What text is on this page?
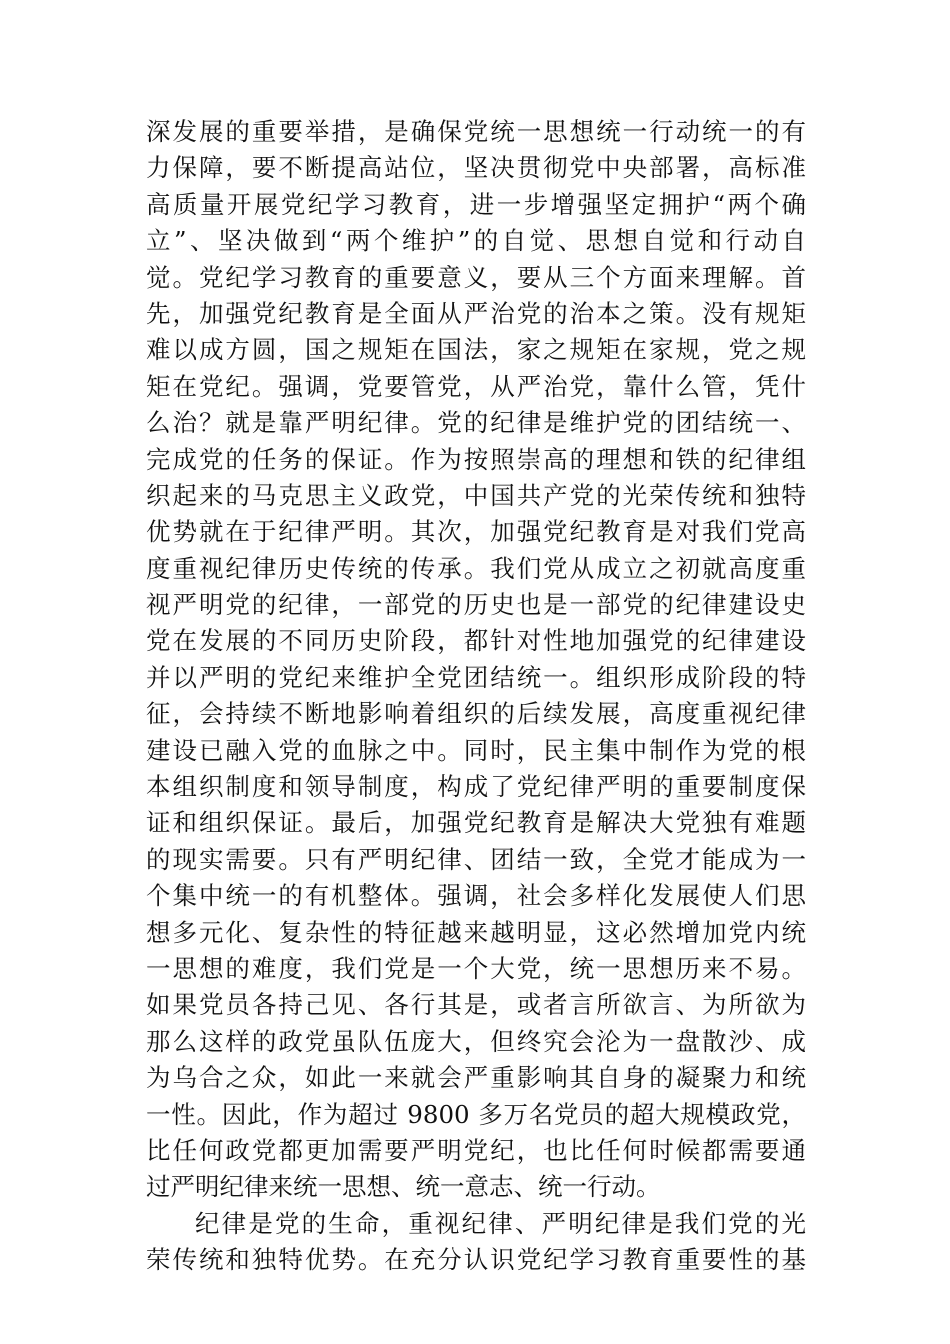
深发展的重要举措，是确保党统一思想统一行动统一的有
力保障，要不断提高站位，坚决贯彻党中央部署，高标准
高质量开展党纪学习教育，进一步增强坚定拥护“两个确
立”、坚决做到“两个维护”的自觉、思想自觉和行动自
觉。党纪学习教育的重要意义，要从三个方面来理解。首
先，加强党纪教育是全面从严治党的治本之策。没有规矩
难以成方圆，国之规矩在国法，家之规矩在家规，党之规
矩在党纪。强调，党要管党，从严治党，靠什么管，凭什
么治？就是靠严明纪律。党的纪律是维护党的团结统一、
完成党的任务的保证。作为按照崇高的理想和铁的纪律组
织起来的马克思主义政党，中国共产党的光荣传统和独特
优势就在于纪律严明。其次，加强党纪教育是对我们党高
度重视纪律历史传统的传承。我们党从成立之初就高度重
视严明党的纪律，一部党的历史也是一部党的纪律建设史
党在发展的不同历史阶段，都针对性地加强党的纪律建设
并以严明的党纪来维护全党团结统一。组织形成阶段的特
征，会持续不断地影响着组织的后续发展，高度重视纪律
建设已融入党的血脉之中。同时，民主集中制作为党的根
本组织制度和领导制度，构成了党纪律严明的重要制度保
证和组织保证。最后，加强党纪教育是解决大党独有难题
的现实需要。只有严明纪律、团结一致，全党才能成为一
个集中统一的有机整体。强调，社会多样化发展使人们思
想多元化、复杂性的特征越来越明显，这必然增加党内统
一思想的难度，我们党是一个大党，统一思想历来不易。
如果党员各持己见、各行其是，或者言所欲言、为所欲为
那么这样的政党虽队伍庞大，但终究会沦为一盘散沙、成
为乌合之众，如此一来就会严重影响其自身的凝聚力和统
一性。因此，作为超过 9800 多万名党员的超大规模政党，
比任何政党都更加需要严明党纪，也比任何时候都需要通
过严明纪律来统一思想、统一意志、统一行动。
纪律是党的生命，重视纪律、严明纪律是我们党的光
荣传统和独特优势。在充分认识党纪学习教育重要性的基
